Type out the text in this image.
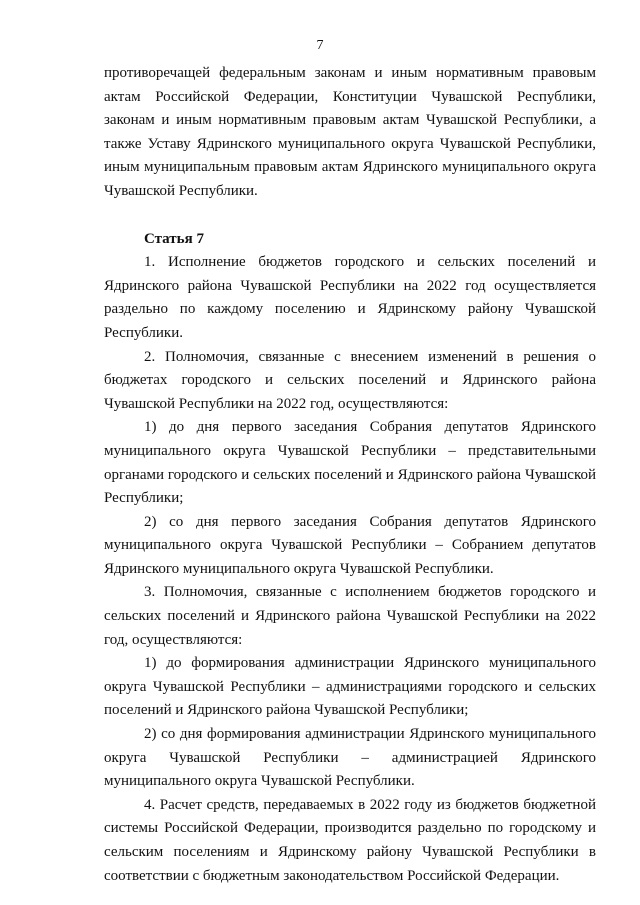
7

противоречащей федеральным законам и иным нормативным правовым актам Российской Федерации, Конституции Чувашской Республики, законам и иным нормативным правовым актам Чувашской Республики, а также Уставу Ядринского муниципального округа Чувашской Республики, иным муниципальным правовым актам Ядринского муниципального округа Чувашской Республики.

Статья 7

1. Исполнение бюджетов городского и сельских поселений и Ядринского района Чувашской Республики на 2022 год осуществляется раздельно по каждому поселению и Ядринскому району Чувашской Республики.

2. Полномочия, связанные с внесением изменений в решения о бюджетах городского и сельских поселений и Ядринского района Чувашской Республики на 2022 год, осуществляются:

1) до дня первого заседания Собрания депутатов Ядринского муниципального округа Чувашской Республики – представительными органами городского и сельских поселений и Ядринского района Чувашской Республики;

2) со дня первого заседания Собрания депутатов Ядринского муниципального округа Чувашской Республики – Собранием депутатов Ядринского муниципального округа Чувашской Республики.

3. Полномочия, связанные с исполнением бюджетов городского и сельских поселений и Ядринского района Чувашской Республики на 2022 год, осуществляются:

1) до формирования администрации Ядринского муниципального округа Чувашской Республики – администрациями городского и сельских поселений и Ядринского района Чувашской Республики;

2) со дня формирования администрации Ядринского муниципального округа Чувашской Республики – администрацией Ядринского муниципального округа Чувашской Республики.

4. Расчет средств, передаваемых в 2022 году из бюджетов бюджетной системы Российской Федерации, производится раздельно по городскому и сельским поселениям и Ядринскому району Чувашской Республики в соответствии с бюджетным законодательством Российской Федерации.
